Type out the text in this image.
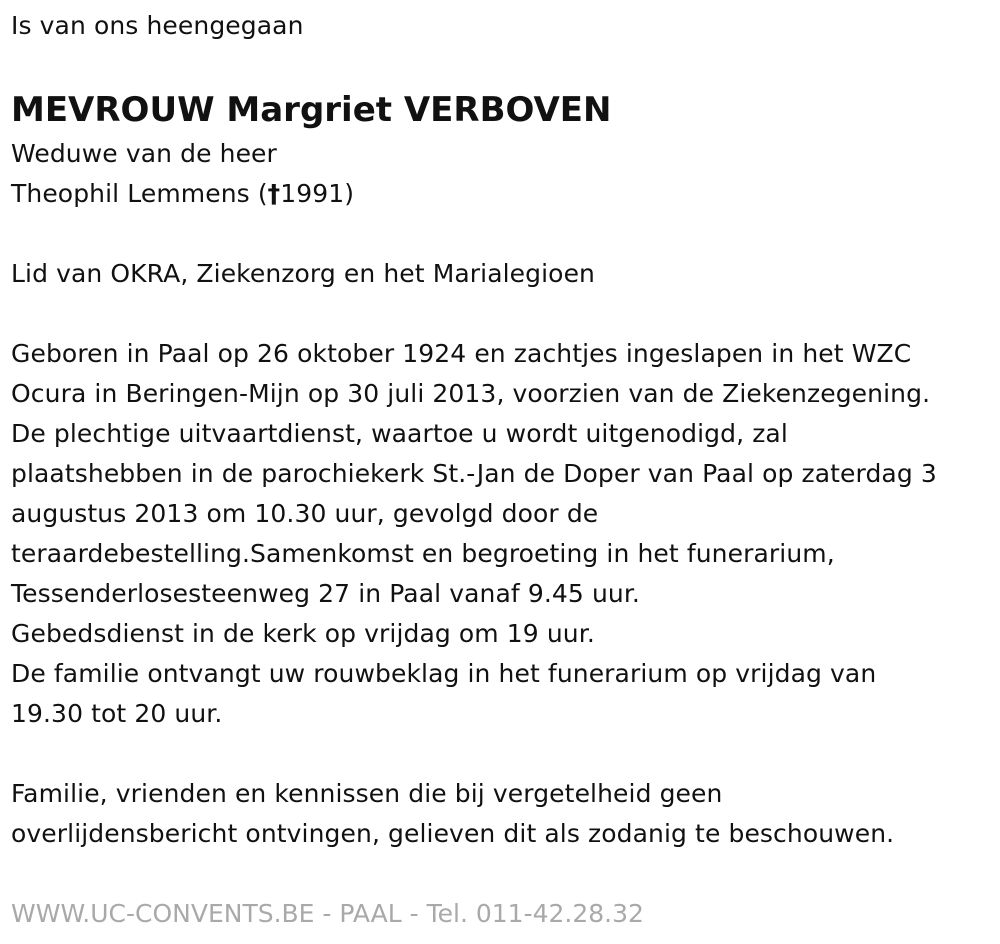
Is van ons heengegaan
MEVROUW Margriet VERBOVEN
Weduwe van de heer
Theophil Lemmens (†1991)
Lid van OKRA, Ziekenzorg en het Marialegioen
Geboren in Paal op 26 oktober 1924 en zachtjes ingeslapen in het WZC
Ocura in Beringen-Mijn op 30 juli 2013, voorzien van de Ziekenzegening.
De plechtige uitvaartdienst, waartoe u wordt uitgenodigd, zal
plaatshebben in de parochiekerk St.-Jan de Doper van Paal op zaterdag 3
augustus 2013 om 10.30 uur, gevolgd door de
teraardebestelling.Samenkomst en begroeting in het funerarium,
Tessenderlosesteenweg 27 in Paal vanaf 9.45 uur.
Gebedsdienst in de kerk op vrijdag om 19 uur.
De familie ontvangt uw rouwbeklag in het funerarium op vrijdag van
19.30 tot 20 uur.
Familie, vrienden en kennissen die bij vergetelheid geen
overlijdensbericht ontvingen, gelieven dit als zodanig te beschouwen.
WWW.UC-CONVENTS.BE - PAAL - Tel. 011-42.28.32
